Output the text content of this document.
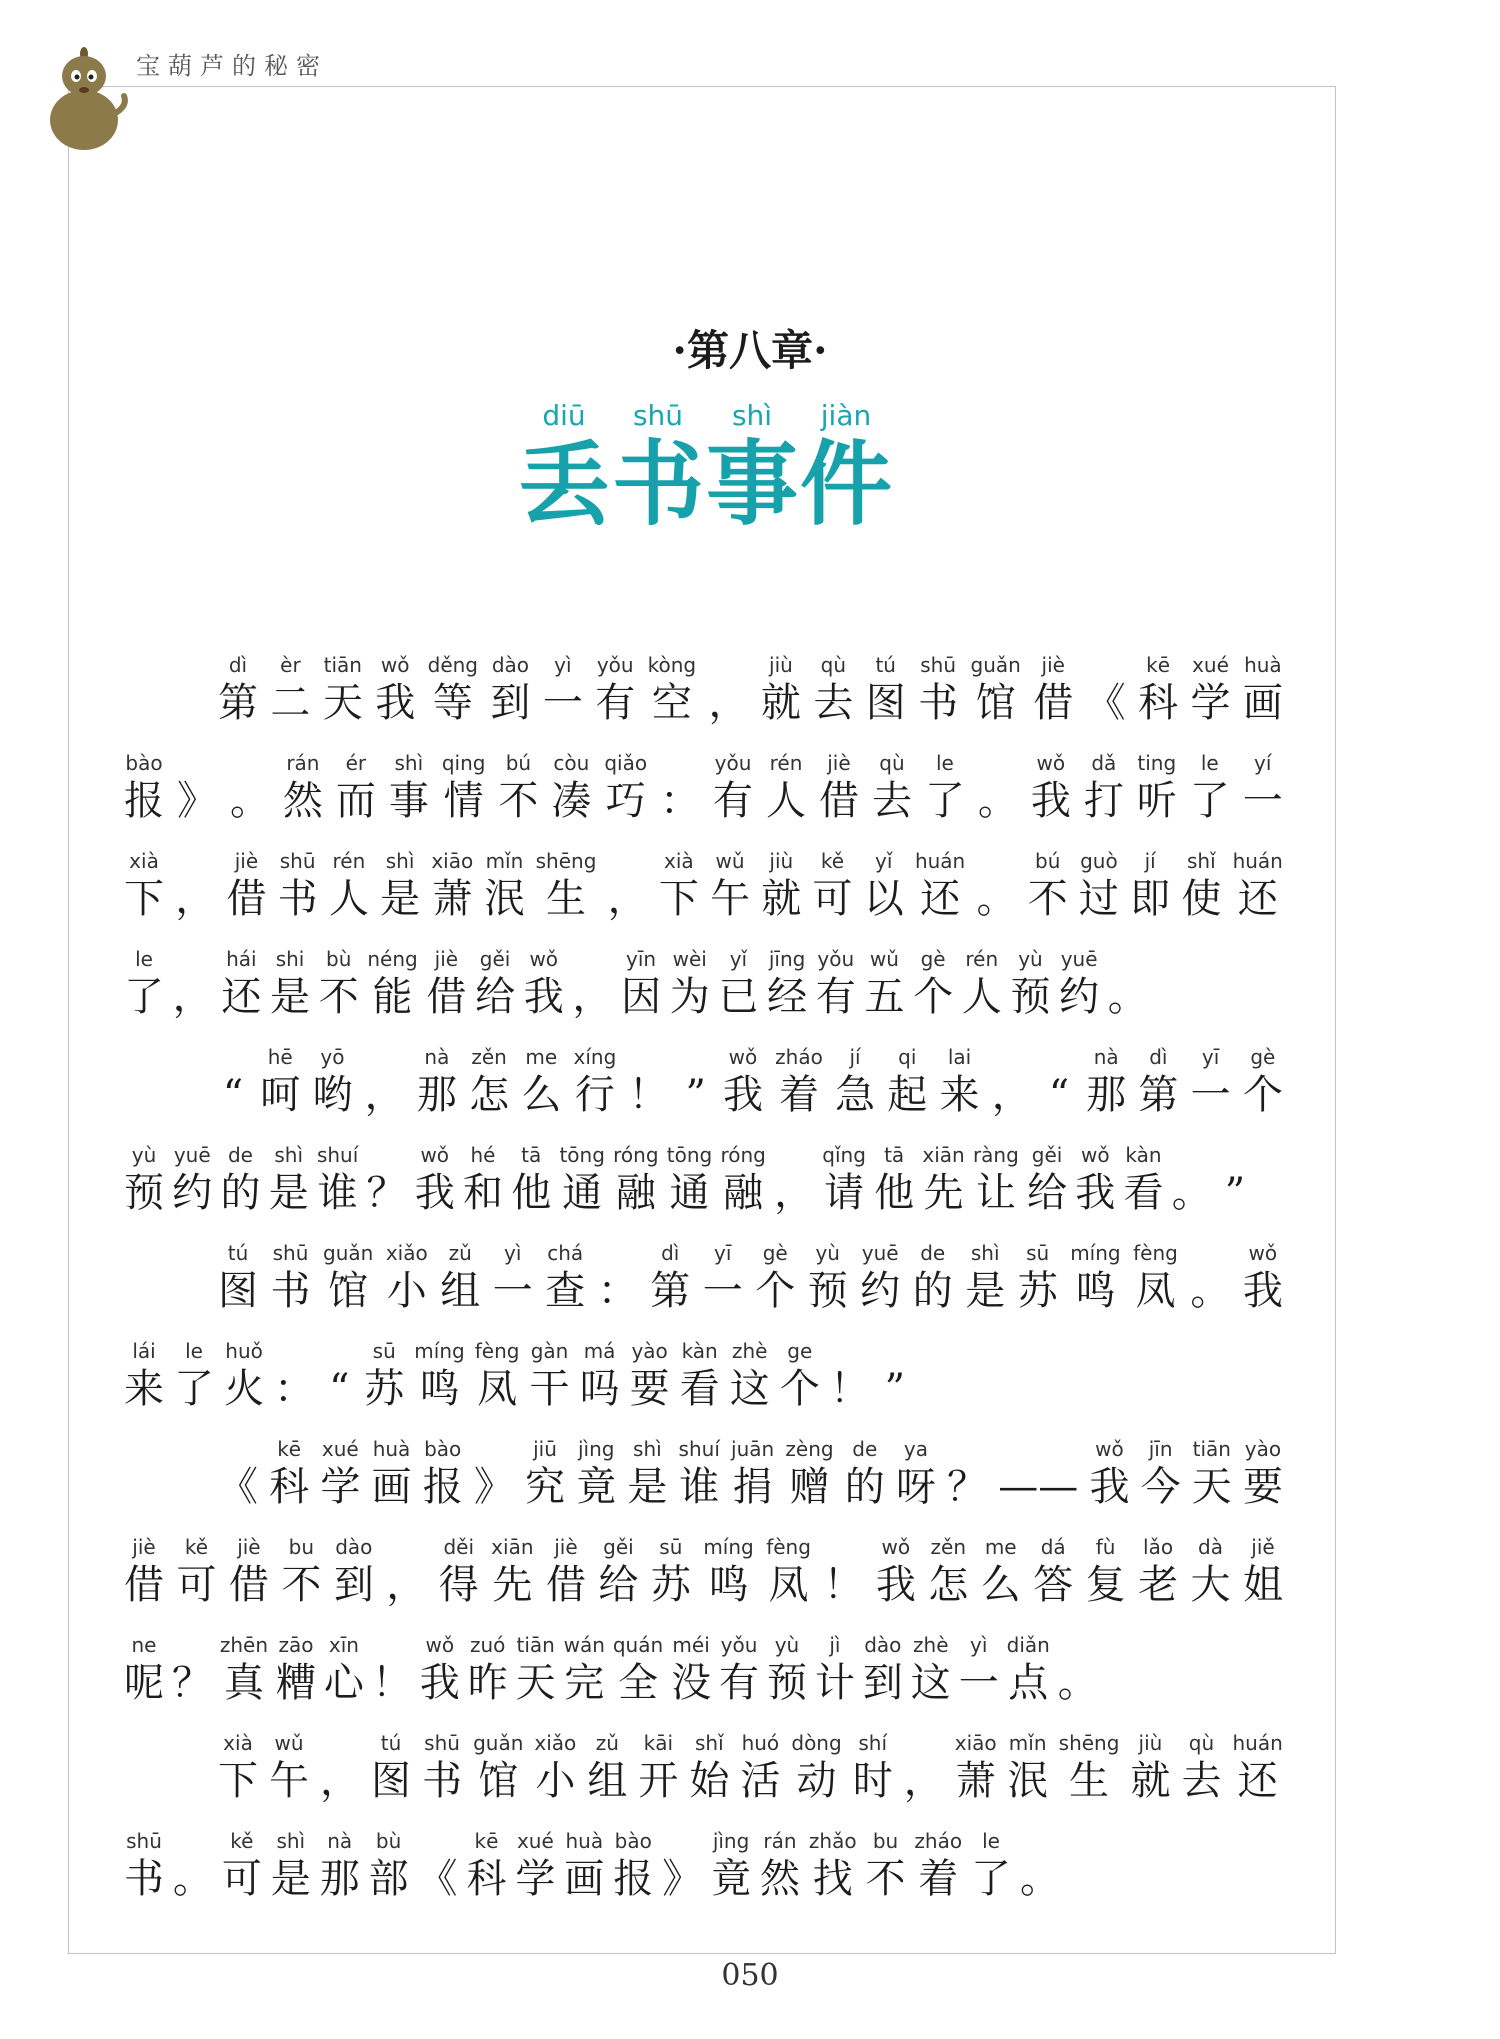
宝葫芦的秘密
·第八章·
diū
丢
shū
书
shì
事
jiàn
件
dì
第
èr
二
tiān
天
wǒ
我
děng
等
dào
到
yì
一
yǒu
有
kòng
空 ，
jiù
就
qù
去
tú
图
shū
书
guǎn
馆
jiè
借 《
kē
科
xué
学
huà
画
bào
报 》 。
rán
然
ér
而
shì
事
qing
情
bú
不
còu
凑
qiǎo
巧 ：
yǒu
有
rén
人
jiè
借
qù
去
le
了 。
wǒ
我
dǎ
打
ting
听
le
了
yí
一
xià
下 ，
jiè
借
shū
书
rén
人
shì
是
xiāo
萧
mǐn
泯
shēng
生 ，
xià
下
wǔ
午
jiù
就
kě
可
yǐ
以
huán
还 。
bú
不
guò
过
jí
即
shǐ
使
huán
还
le
了 ，
hái
还
shi
是
bù
不
néng
能
jiè
借
gěi
给
wǒ
我 ，
yīn
因
wèi
为
yǐ
已
jīng
经
yǒu
有
wǔ
五
gè
个
rén
人
yù
预
yuē
约 。
“
hē
呵
yō
哟 ，
nà
那
zěn
怎
me
么
xíng
行 ！ ”
wǒ
我
zháo
着
jí
急
qi
起
lai
来 ， “
nà
那
dì
第
yī
一
gè
个
yù
预
yuē
约
de
的
shì
是
shuí
谁 ？
wǒ
我
hé
和
tā
他
tōng
通
róng
融
tōng
通
róng
融 ，
qǐng
请
tā
他
xiān
先
ràng
让
gěi
给
wǒ
我
kàn
看 。 ”
tú
图
shū
书
guǎn
馆
xiǎo
小
zǔ
组
yì
一
chá
查 ：
dì
第
yī
一
gè
个
yù
预
yuē
约
de
的
shì
是
sū
苏
míng
鸣
fèng
凤 。
wǒ
我
lái
来
le
了
huǒ
火 ： “
sū
苏
míng
鸣
fèng
凤
gàn
干
má
吗
yào
要
kàn
看
zhè
这
ge
个 ！ ”
《
kē
科
xué
学
huà
画
bào
报 》
jiū
究
jìng
竟
shì
是
shuí
谁
juān
捐
zèng
赠
de
的
ya
呀 ？ ——
wǒ
我
jīn
今
tiān
天
yào
要
jiè
借
kě
可
jiè
借
bu
不
dào
到 ，
děi
得
xiān
先
jiè
借
gěi
给
sū
苏
míng
鸣
fèng
凤 ！
wǒ
我
zěn
怎
me
么
dá
答
fù
复
lǎo
老
dà
大
jiě
姐
ne
呢 ？
zhēn
真
zāo
糟
xīn
心 ！
wǒ
我
zuó
昨
tiān
天
wán
完
quán
全
méi
没
yǒu
有
yù
预
jì
计
dào
到
zhè
这
yì
一
diǎn
点 。
xià
下
wǔ
午 ，
tú
图
shū
书
guǎn
馆
xiǎo
小
zǔ
组
kāi
开
shǐ
始
huó
活
dòng
动
shí
时 ，
xiāo
萧
mǐn
泯
shēng
生
jiù
就
qù
去
huán
还
shū
书 。
kě
可
shì
是
nà
那
bù
部 《
kē
科
xué
学
huà
画
bào
报 》
jìng
竟
rán
然
zhǎo
找
bu
不
zháo
着
le
了 。
050
